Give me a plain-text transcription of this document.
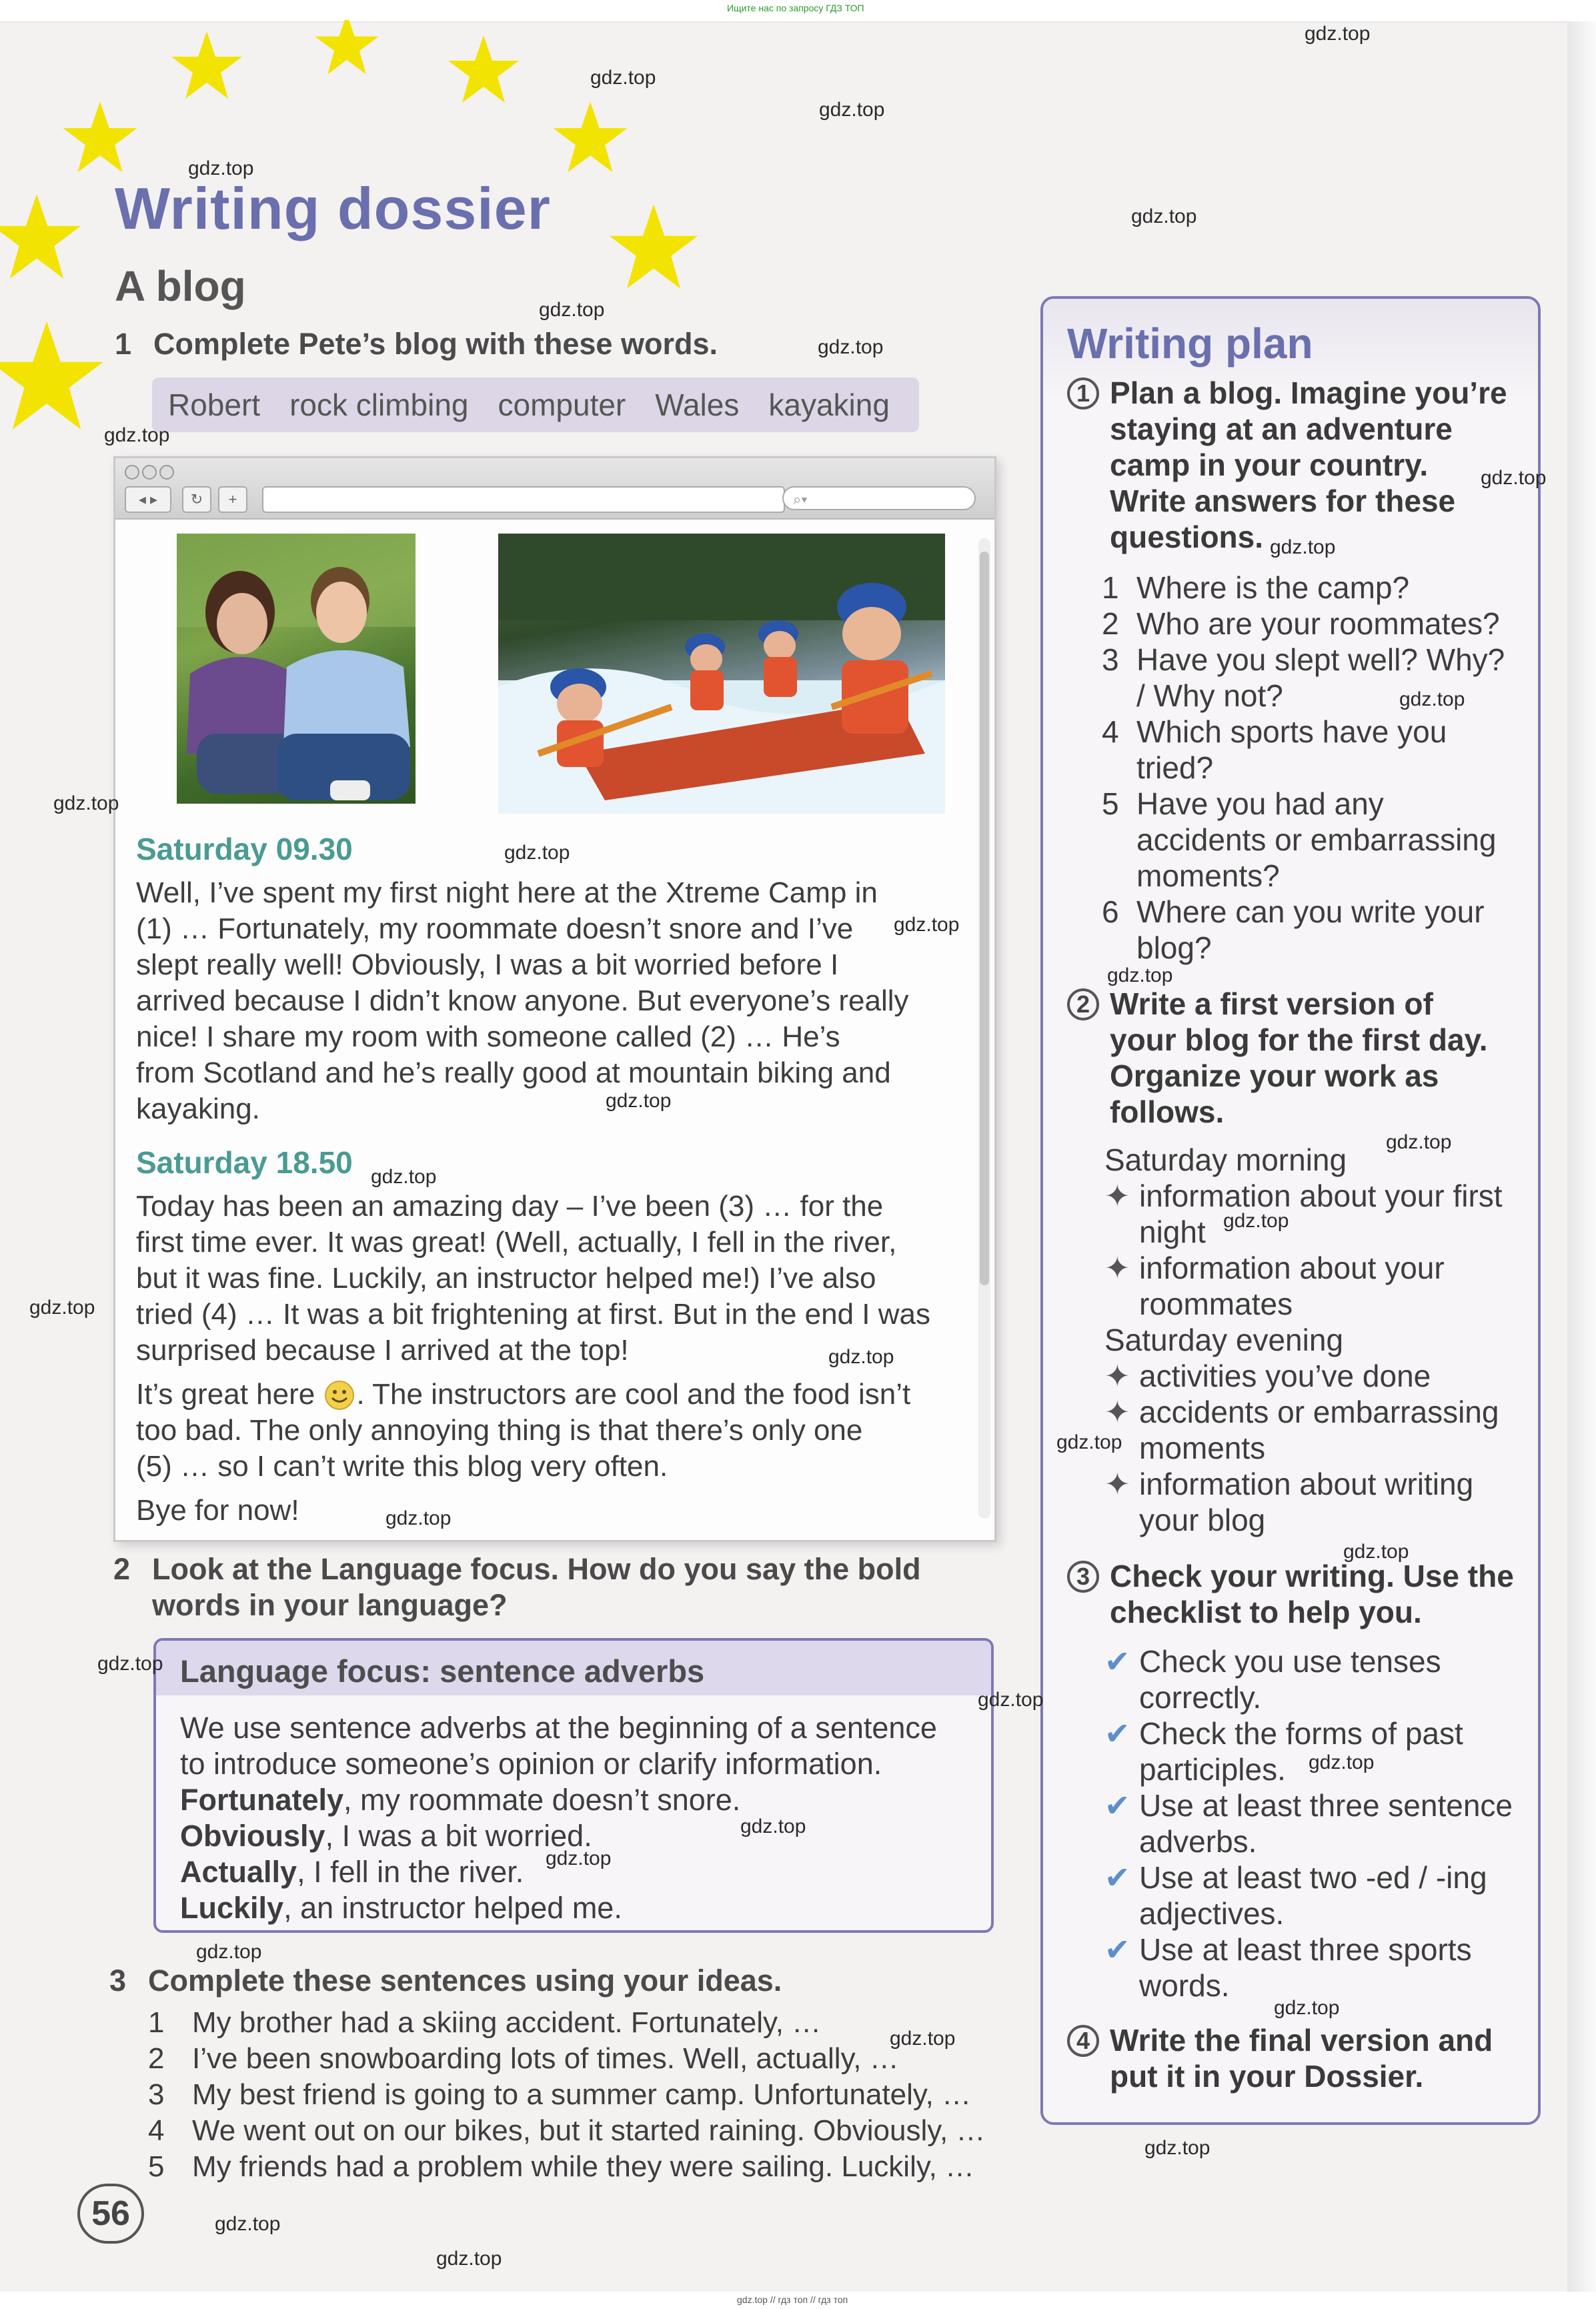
Ищите нас по запросу ГДЗ ТОП
Writing dossier
A blog
1 Complete Pete’s blog with these words.
Robert rock climbing computer Wales kayaking
◂ ▸	↻	+	⌕▾
Saturday 09.30
Well, I’ve spent my first night here at the Xtreme Camp in
(1) … Fortunately, my roommate doesn’t snore and I’ve
slept really well! Obviously, I was a bit worried before I
arrived because I didn’t know anyone. But everyone’s really
nice! I share my room with someone called (2) … He’s
from Scotland and he’s really good at mountain biking and
kayaking.
Saturday 18.50
Today has been an amazing day – I’ve been (3) … for the
first time ever. It was great! (Well, actually, I fell in the river,
but it was fine. Luckily, an instructor helped me!) I’ve also
tried (4) … It was a bit frightening at first. But in the end I was
surprised because I arrived at the top!
It’s great here . The instructors are cool and the food isn’t
too bad. The only annoying thing is that there’s only one
(5) … so I can’t write this blog very often.
Bye for now!
2 Look at the Language focus. How do you say the bold
words in your language?
Language focus: sentence adverbs
We use sentence adverbs at the beginning of a sentence
to introduce someone’s opinion or clarify information.
Fortunately, my roommate doesn’t snore.
Obviously, I was a bit worried.
Actually, I fell in the river.
Luckily, an instructor helped me.
3 Complete these sentences using your ideas.
1 My brother had a skiing accident. Fortunately, …
2 I’ve been snowboarding lots of times. Well, actually, …
3 My best friend is going to a summer camp. Unfortunately, …
4 We went out on our bikes, but it started raining. Obviously, …
5 My friends had a problem while they were sailing. Luckily, …
56
Writing plan
1 Plan a blog. Imagine you’re
staying at an adventure
camp in your country.
Write answers for these
questions.
1 Where is the camp?
2 Who are your roommates?
3 Have you slept well? Why?
/ Why not?
4 Which sports have you
tried?
5 Have you had any
accidents or embarrassing
moments?
6 Where can you write your
blog?
2 Write a first version of
your blog for the first day.
Organize your work as
follows.
Saturday morning
✦ information about your first
night
✦ information about your
roommates
Saturday evening
✦ activities you’ve done
✦ accidents or embarrassing
moments
✦ information about writing
your blog
3 Check your writing. Use the
checklist to help you.
✔ Check you use tenses
correctly.
✔ Check the forms of past
participles.
✔ Use at least three sentence
adverbs.
✔ Use at least two -ed / -ing
adjectives.
✔ Use at least three sports
words.
4 Write the final version and
put it in your Dossier.
gdz.top
gdz.top
gdz.top
gdz.top
gdz.top
gdz.top
gdz.top
gdz.top
gdz.top
gdz.top
gdz.top
gdz.top
gdz.top
gdz.top
gdz.top
gdz.top
gdz.top
gdz.top
gdz.top
gdz.top
gdz.top
gdz.top
gdz.top
gdz.top
gdz.top
gdz.top
gdz.top
gdz.top
gdz.top
gdz.top
gdz.top
gdz.top
gdz.top
gdz.top
gdz.top
gdz.top // гдз топ // гдз топ
